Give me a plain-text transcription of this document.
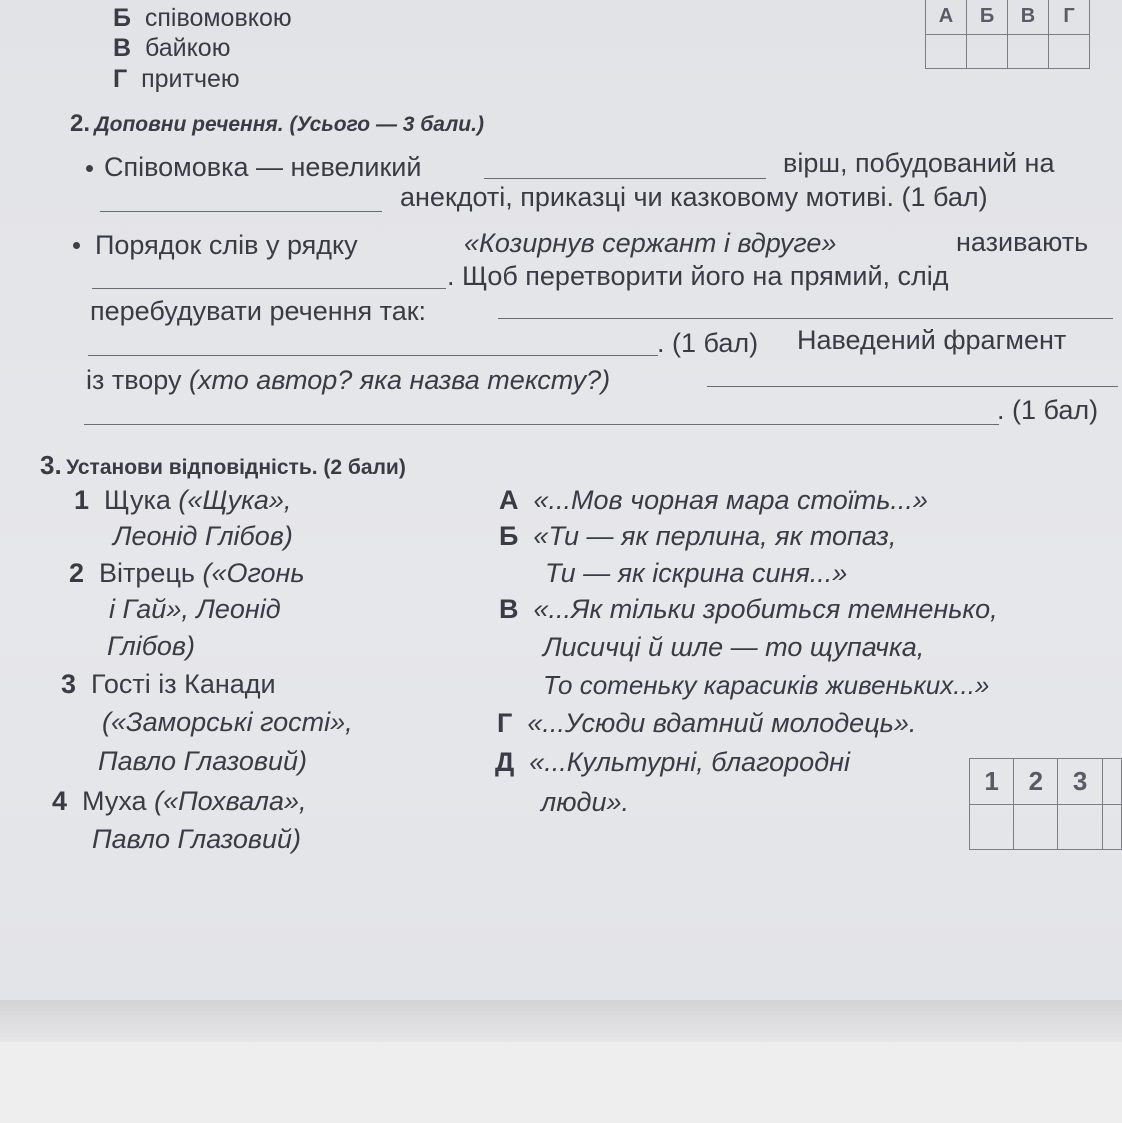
Б співомовкою
В байкою
Г притчею
А	Б	В	Г

2. Доповни речення. (Усього — 3 бали.)
Співомовка — невеликий	вірш, побудований на
анекдоті, приказці чи казковому мотиві. (1 бал)
Порядок слів у рядку	«Козирнув сержант і вдруге»	називають
. Щоб перетворити його на прямий, слід
перебудувати речення так:
. (1 бал) Наведений фрагмент
із твору (хто автор? яка назва тексту?)
. (1 бал)
3. Установи відповідність. (2 бали)
1 Щука («Щука»,
Леонід Глібов)
2 Вітрець («Огонь
і Гай», Леонід
Глібов)
3 Гості із Канади
(«Заморські гості»,
Павло Глазовий)
4 Муха («Похвала»,
Павло Глазовий)
А «...Мов чорная мара стоїть...»
Б «Ти — як перлина, як топаз,
Ти — як іскрина синя...»
В «...Як тільки зробиться темненько,
Лисичці й шле — то щупачка,
То сотеньку карасиків живеньких...»
Г «...Усюди вдатний молодець».
Д «...Культурні, благородні
люди».
1	2	3	
